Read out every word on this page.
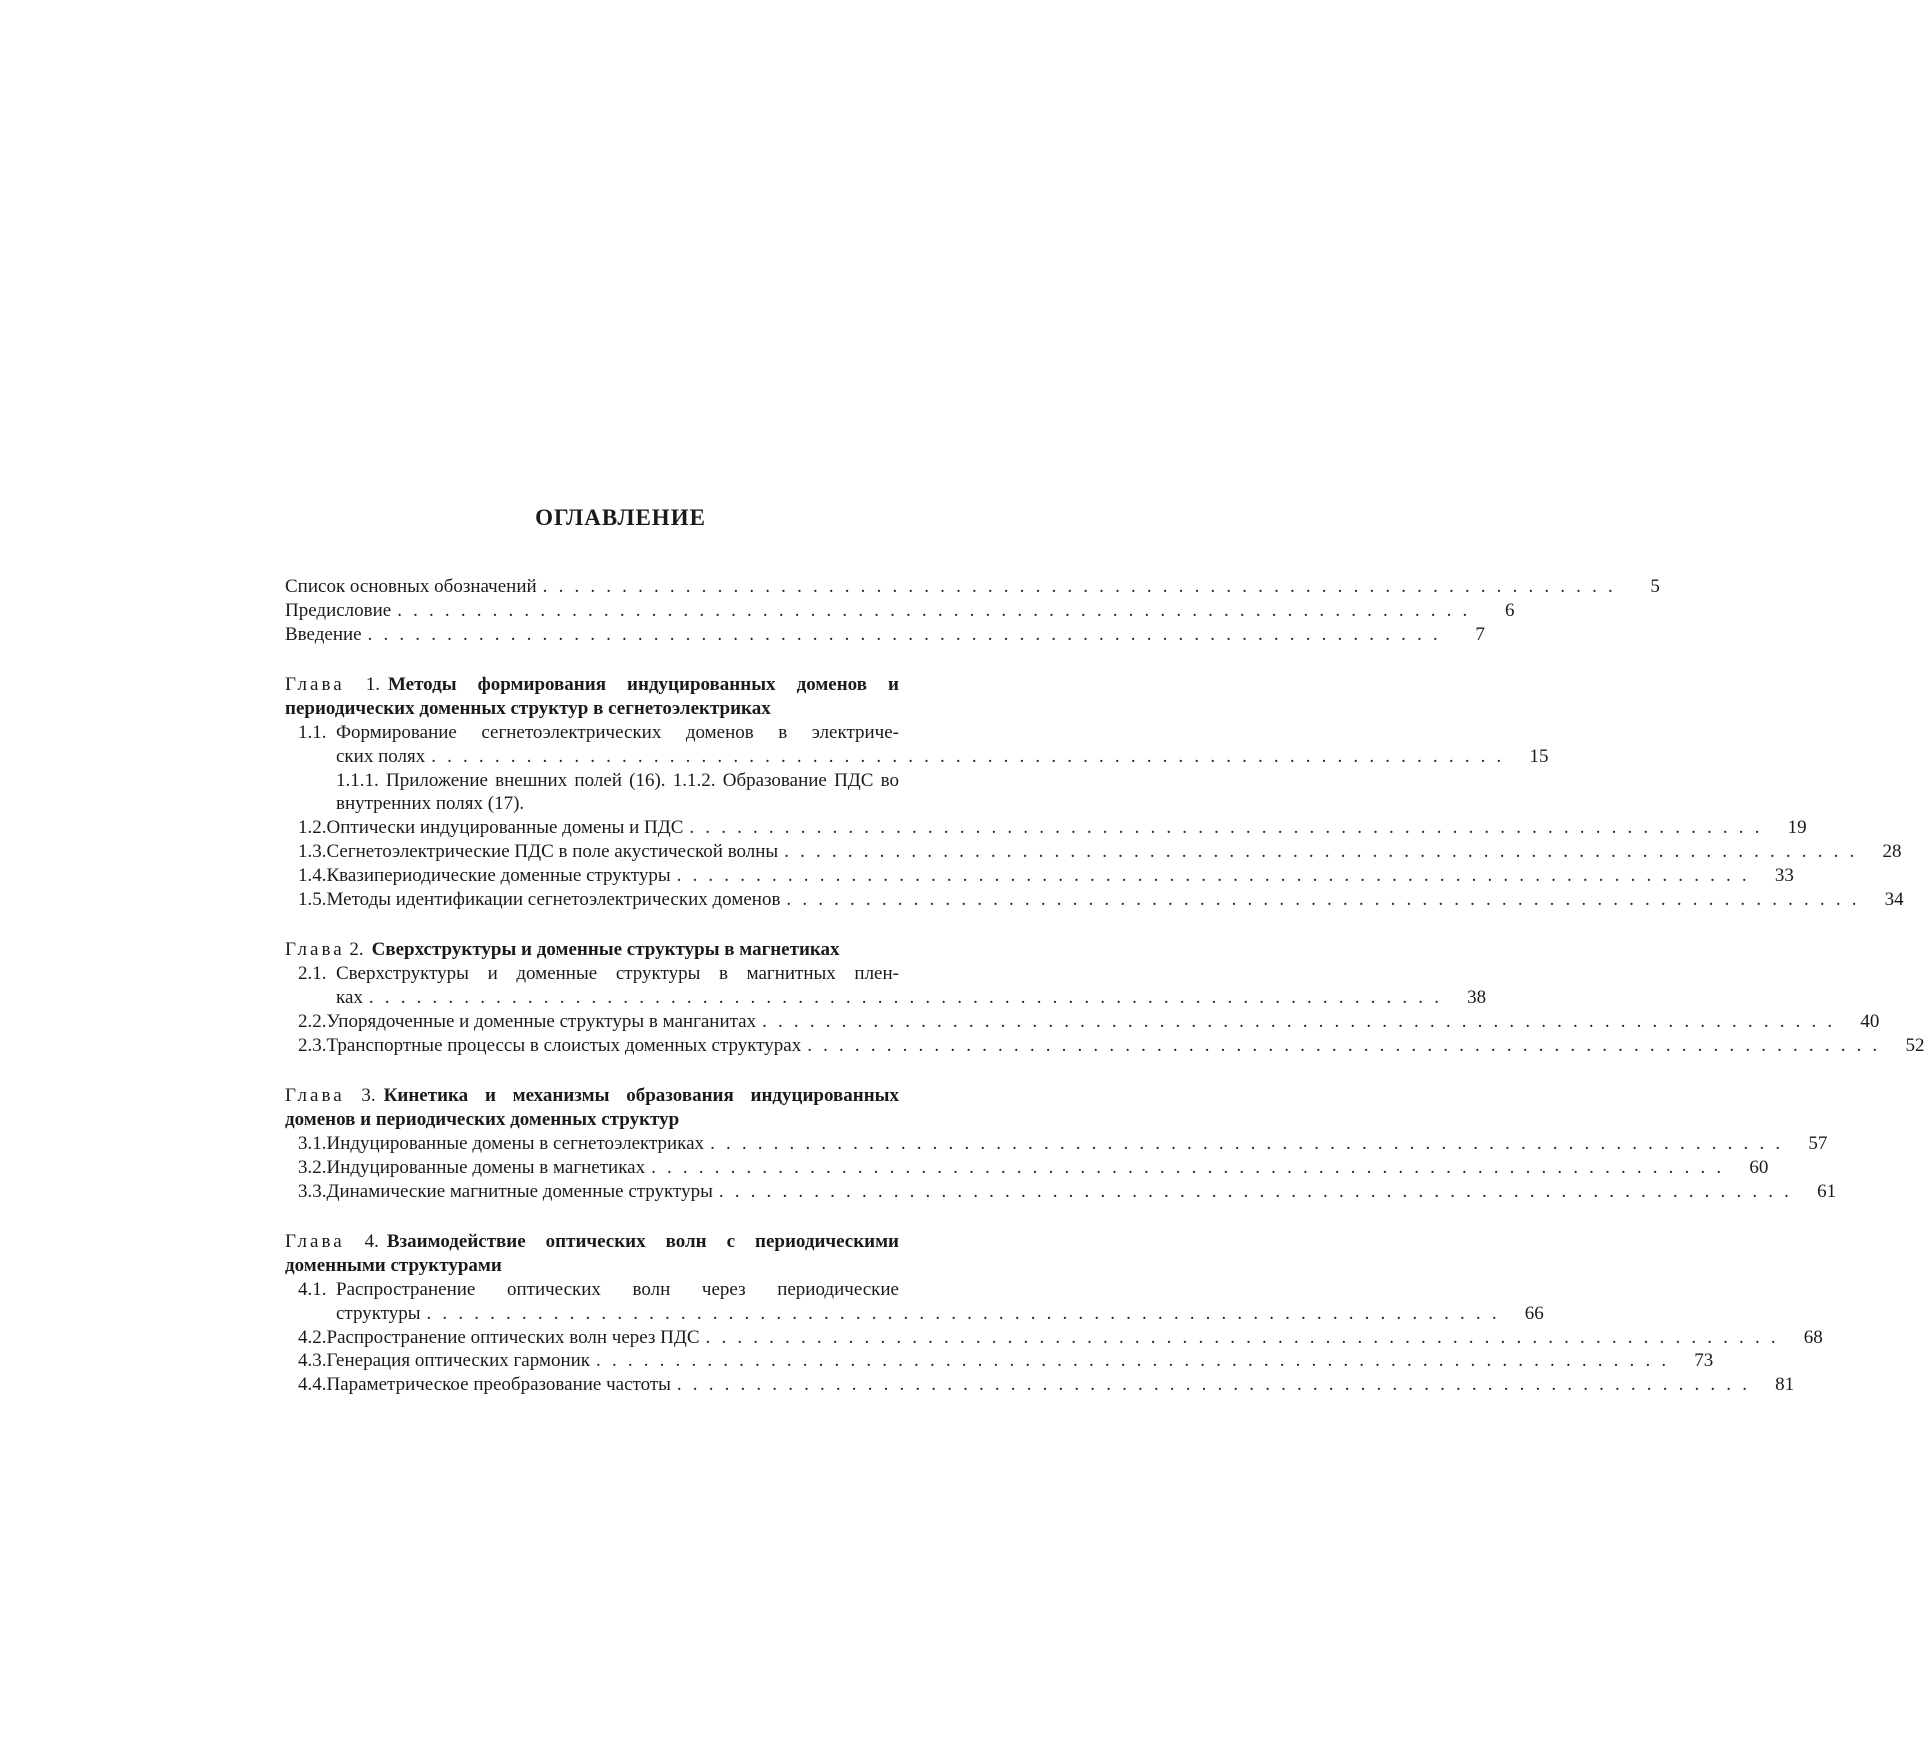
ОГЛАВЛЕНИЕ
Список основных обозначений . . . . . . . . . . . . . . . . . . . . . . . . . . . . . . . . . . . . . . . . . . . . . . . . . . . . . . . . . . . . . . . . . . . .	5
Предисловие . . . . . . . . . . . . . . . . . . . . . . . . . . . . . . . . . . . . . . . . . . . . . . . . . . . . . . . . . . . . . . . . . . . .	6
Введение . . . . . . . . . . . . . . . . . . . . . . . . . . . . . . . . . . . . . . . . . . . . . . . . . . . . . . . . . . . . . . . . . . . .	7
Глава 1. Методы формирования индуцированных доменов и периодических доменных структур в сегнетоэлектриках
1.1. Формирование сегнетоэлектрических доменов в электриче-
ских полях . . . . . . . . . . . . . . . . . . . . . . . . . . . . . . . . . . . . . . . . . . . . . . . . . . . . . . . . . . . . . . . . . . . .	15
1.1.1. Приложение внешних полей (16). 1.1.2. Образование ПДС во внутренних полях (17).
1.2. Оптически индуцированные домены и ПДС . . . . . . . . . . . . . . . . . . . . . . . . . . . . . . . . . . . . . . . . . . . . . . . . . . . . . . . . . . . . . . . . . . . .	19
1.3. Сегнетоэлектрические ПДС в поле акустической волны . . . . . . . . . . . . . . . . . . . . . . . . . . . . . . . . . . . . . . . . . . . . . . . . . . . . . . . . . . . . . . . . . . . .	28
1.4. Квазипериодические доменные структуры . . . . . . . . . . . . . . . . . . . . . . . . . . . . . . . . . . . . . . . . . . . . . . . . . . . . . . . . . . . . . . . . . . . .	33
1.5. Методы идентификации сегнетоэлектрических доменов . . . . . . . . . . . . . . . . . . . . . . . . . . . . . . . . . . . . . . . . . . . . . . . . . . . . . . . . . . . . . . . . . . . .	34
Глава 2. Сверхструктуры и доменные структуры в магнетиках
2.1. Сверхструктуры и доменные структуры в магнитных плен-
ках . . . . . . . . . . . . . . . . . . . . . . . . . . . . . . . . . . . . . . . . . . . . . . . . . . . . . . . . . . . . . . . . . . . .	38
2.2. Упорядоченные и доменные структуры в манганитах . . . . . . . . . . . . . . . . . . . . . . . . . . . . . . . . . . . . . . . . . . . . . . . . . . . . . . . . . . . . . . . . . . . .	40
2.3. Транспортные процессы в слоистых доменных структурах . . . . . . . . . . . . . . . . . . . . . . . . . . . . . . . . . . . . . . . . . . . . . . . . . . . . . . . . . . . . . . . . . . . .	52
Глава 3. Кинетика и механизмы образования индуцированных доменов и периодических доменных структур
3.1. Индуцированные домены в сегнетоэлектриках . . . . . . . . . . . . . . . . . . . . . . . . . . . . . . . . . . . . . . . . . . . . . . . . . . . . . . . . . . . . . . . . . . . .	57
3.2. Индуцированные домены в магнетиках . . . . . . . . . . . . . . . . . . . . . . . . . . . . . . . . . . . . . . . . . . . . . . . . . . . . . . . . . . . . . . . . . . . .	60
3.3. Динамические магнитные доменные структуры . . . . . . . . . . . . . . . . . . . . . . . . . . . . . . . . . . . . . . . . . . . . . . . . . . . . . . . . . . . . . . . . . . . .	61
Глава 4. Взаимодействие оптических волн с периодическими доменными структурами
4.1. Распространение оптических волн через периодические
структуры . . . . . . . . . . . . . . . . . . . . . . . . . . . . . . . . . . . . . . . . . . . . . . . . . . . . . . . . . . . . . . . . . . . .	66
4.2. Распространение оптических волн через ПДС . . . . . . . . . . . . . . . . . . . . . . . . . . . . . . . . . . . . . . . . . . . . . . . . . . . . . . . . . . . . . . . . . . . .	68
4.3. Генерация оптических гармоник . . . . . . . . . . . . . . . . . . . . . . . . . . . . . . . . . . . . . . . . . . . . . . . . . . . . . . . . . . . . . . . . . . . .	73
4.4. Параметрическое преобразование частоты . . . . . . . . . . . . . . . . . . . . . . . . . . . . . . . . . . . . . . . . . . . . . . . . . . . . . . . . . . . . . . . . . . . .	81
